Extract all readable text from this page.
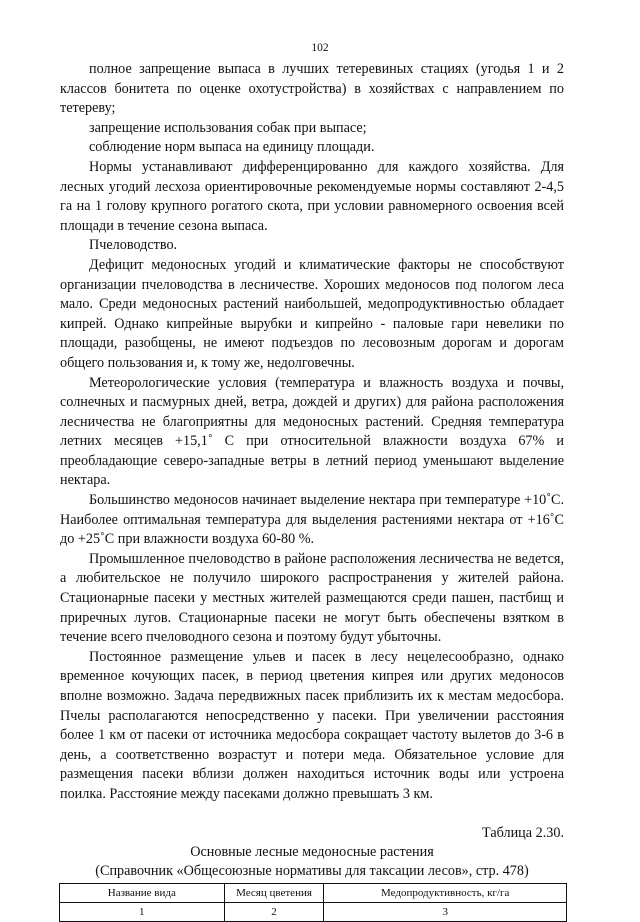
102

полное запрещение выпаса в лучших тетеревиных стациях (угодья 1 и 2 классов бонитета по оценке охотустройства) в хозяйствах с направлением по тетереву;

запрещение использования собак при выпасе;

соблюдение норм выпаса на единицу площади.

Нормы устанавливают дифференцированно для каждого хозяйства. Для лесных угодий лесхоза ориентировочные рекомендуемые нормы составляют 2-4,5 га на 1 голову крупного рогатого скота, при условии равномерного освоения всей площади в течение сезона выпаса.

Пчеловодство.

Дефицит медоносных угодий и климатические факторы не способствуют организации пчеловодства в лесничестве. Хороших медоносов под пологом леса мало. Среди медоносных растений наибольшей, медопродуктивностью обладает кипрей. Однако кипрейные вырубки и кипрейно - паловые гари невелики по площади, разобщены, не имеют подъездов по лесовозным дорогам и дорогам общего пользования и, к тому же, недолговечны.

Метеорологические условия (температура и влажность воздуха и почвы, солнечных и пасмурных дней, ветра, дождей и других) для района расположения лесничества не благоприятны для медоносных растений. Средняя температура летних месяцев +15,1˚ С при относительной влажности воздуха 67% и преобладающие северо-западные ветры в летний период уменьшают выделение нектара.

Большинство медоносов начинает выделение нектара при температуре +10˚С. Наиболее оптимальная температура для выделения растениями нектара от +16˚С до +25˚С при влажности воздуха 60-80 %.

Промышленное пчеловодство в районе расположения лесничества не ведется, а любительское не получило широкого распространения у жителей района. Стационарные пасеки у местных жителей размещаются среди пашен, пастбищ и приречных лугов. Стационарные пасеки не могут быть обеспечены взятком в течение всего пчеловодного сезона и поэтому будут убыточны.

Постоянное размещение ульев и пасек в лесу нецелесообразно, однако временное кочующих пасек, в период цветения кипрея или других медоносов вполне возможно. Задача передвижных пасек приблизить их к местам медосбора. Пчелы располагаются непосредственно у пасеки. При увеличении расстояния более 1 км от пасеки от источника медосбора сокращает частоту вылетов до 3-6 в день, а соответственно возрастут и потери меда. Обязательное условие для размещения пасеки вблизи должен находиться источник воды или устроена поилка. Расстояние между пасеками должно превышать 3 км.

Таблица 2.30.
Основные лесные медоносные растения
(Справочник «Общесоюзные нормативы для таксации лесов», стр. 478)
Название вида	Месяц цветения	Медопродуктивность, кг/га
1	2	3
